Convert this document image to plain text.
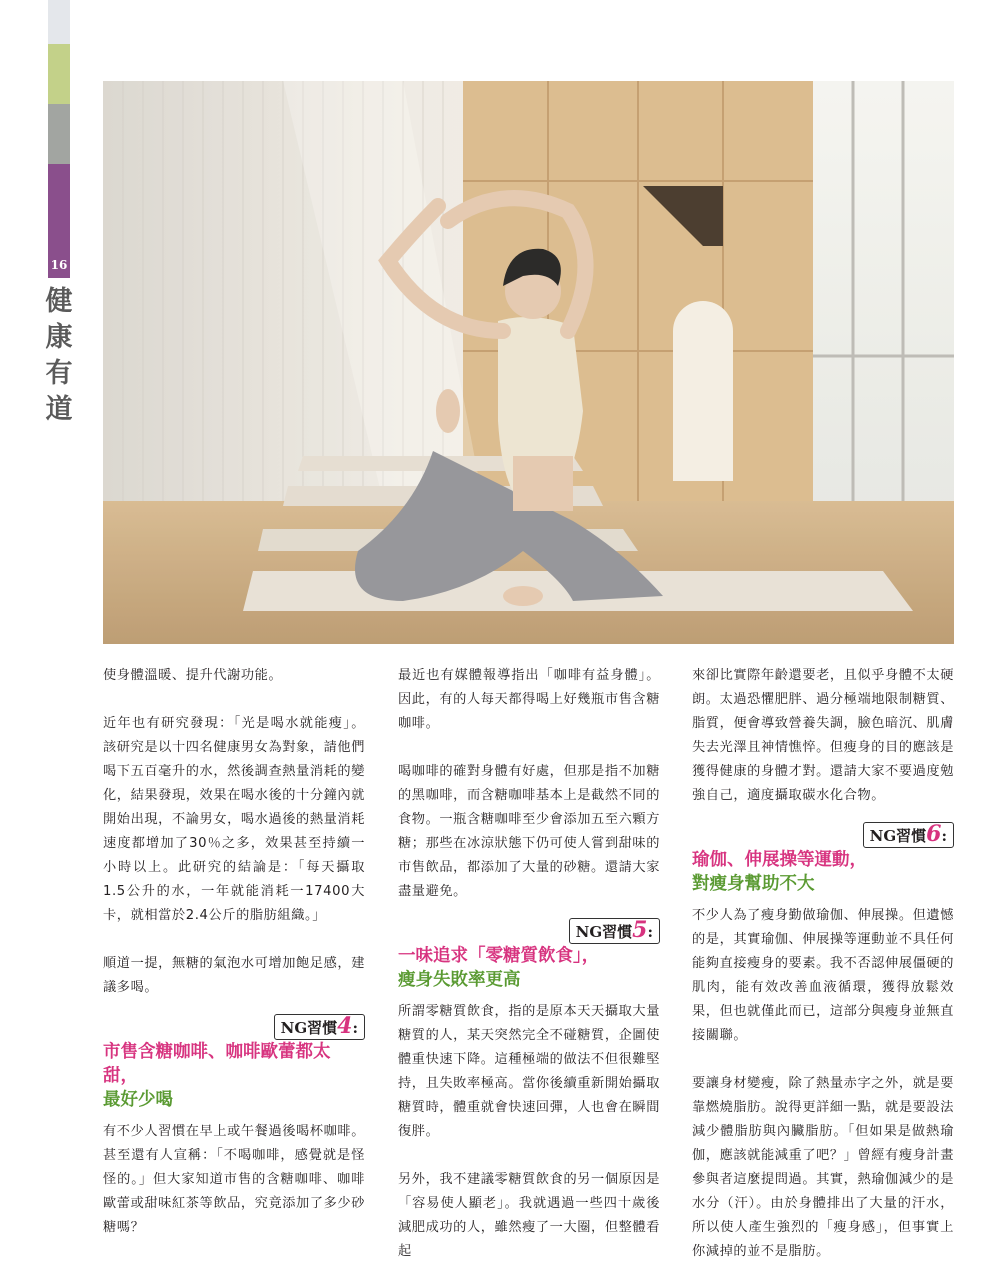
16
健
康
有
道

使身體溫暖、提升代謝功能。

近年也有研究發現：「光是喝水就能瘦」。該研究是以十四名健康男女為對象，請他們喝下五百毫升的水，然後調查熱量消耗的變化，結果發現，效果在喝水後的十分鐘內就開始出現，不論男女，喝水過後的熱量消耗速度都增加了30％之多，效果甚至持續一小時以上。此研究的結論是：「每天攝取1.5公升的水，一年就能消耗一17400大卡，就相當於2.4公斤的脂肪組織。」

順道一提，無糖的氣泡水可增加飽足感，建議多喝。

NG習慣4:
市售含糖咖啡、咖啡歐蕾都太甜，
最好少喝

有不少人習慣在早上或午餐過後喝杯咖啡。甚至還有人宣稱：「不喝咖啡，感覺就是怪怪的。」但大家知道市售的含糖咖啡、咖啡歐蕾或甜味紅茶等飲品，究竟添加了多少砂糖嗎？

最近也有媒體報導指出「咖啡有益身體」。因此，有的人每天都得喝上好幾瓶市售含糖咖啡。

喝咖啡的確對身體有好處，但那是指不加糖的黑咖啡，而含糖咖啡基本上是截然不同的食物。一瓶含糖咖啡至少會添加五至六顆方糖；那些在冰涼狀態下仍可使人嘗到甜味的市售飲品，都添加了大量的砂糖。還請大家盡量避免。

NG習慣5:
一味追求「零糖質飲食」，
瘦身失敗率更高

所謂零糖質飲食，指的是原本天天攝取大量糖質的人，某天突然完全不碰糖質，企圖使體重快速下降。這種極端的做法不但很難堅持，且失敗率極高。當你後續重新開始攝取糖質時，體重就會快速回彈，人也會在瞬間復胖。

另外，我不建議零糖質飲食的另一個原因是「容易使人顯老」。我就遇過一些四十歲後減肥成功的人，雖然瘦了一大圈，但整體看起

來卻比實際年齡還要老，且似乎身體不太硬朗。太過恐懼肥胖、過分極端地限制糖質、脂質，便會導致營養失調，臉色暗沉、肌膚失去光澤且神情憔悴。但瘦身的目的應該是獲得健康的身體才對。還請大家不要過度勉強自己，適度攝取碳水化合物。

NG習慣6:
瑜伽、伸展操等運動，
對瘦身幫助不大

不少人為了瘦身勤做瑜伽、伸展操。但遺憾的是，其實瑜伽、伸展操等運動並不具任何能夠直接瘦身的要素。我不否認伸展僵硬的肌肉，能有效改善血液循環，獲得放鬆效果，但也就僅此而已，這部分與瘦身並無直接關聯。

要讓身材變瘦，除了熱量赤字之外，就是要靠燃燒脂肪。說得更詳細一點，就是要設法減少體脂肪與內臟脂肪。「但如果是做熱瑜伽，應該就能減重了吧？」曾經有瘦身計畫參與者這麼提問過。其實，熱瑜伽減少的是水分（汗）。由於身體排出了大量的汗水，所以使人產生強烈的「瘦身感」，但事實上你減掉的並不是脂肪。
